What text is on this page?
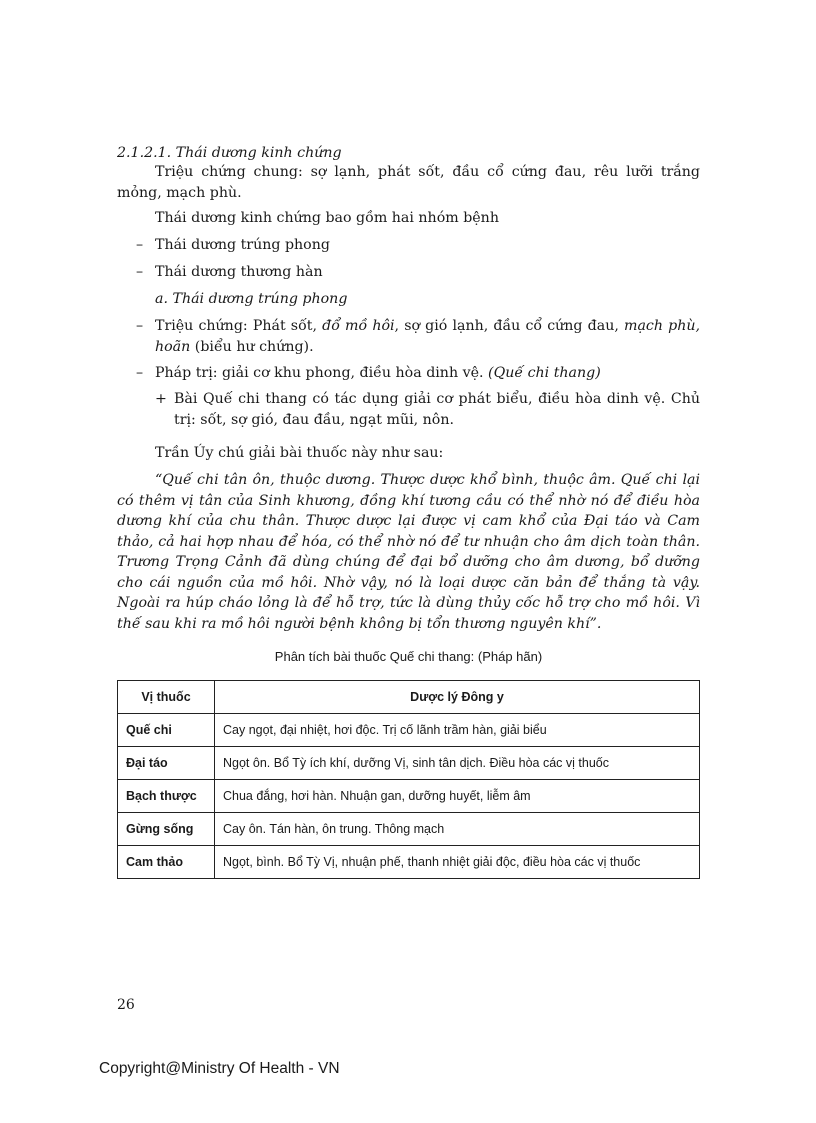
2.1.2.1. Thái dương kinh chứng

Triệu chứng chung: sợ lạnh, phát sốt, đầu cổ cứng đau, rêu lưỡi trắng mỏng, mạch phù.

Thái dương kinh chứng bao gồm hai nhóm bệnh

– Thái dương trúng phong
– Thái dương thương hàn
a. Thái dương trúng phong
– Triệu chứng: Phát sốt, đổ mồ hôi, sợ gió lạnh, đầu cổ cứng đau, mạch phù, hoãn (biểu hư chứng).
– Pháp trị: giải cơ khu phong, điều hòa dinh vệ. (Quế chi thang)
+ Bài Quế chi thang có tác dụng giải cơ phát biểu, điều hòa dinh vệ. Chủ trị: sốt, sợ gió, đau đầu, ngạt mũi, nôn.

Trần Úy chú giải bài thuốc này như sau:

“Quế chi tân ôn, thuộc dương. Thược dược khổ bình, thuộc âm. Quế chi lại có thêm vị tân của Sinh khương, đồng khí tương cầu có thể nhờ nó để điều hòa dương khí của chu thân. Thược dược lại được vị cam khổ của Đại táo và Cam thảo, cả hai hợp nhau để hóa, có thể nhờ nó để tư nhuận cho âm dịch toàn thân. Trương Trọng Cảnh đã dùng chúng để đại bổ dưỡng cho âm dương, bổ dưỡng cho cái nguồn của mồ hôi. Nhờ vậy, nó là loại dược căn bản để thắng tà vậy. Ngoài ra húp cháo lỏng là để hỗ trợ, tức là dùng thủy cốc hỗ trợ cho mồ hôi. Vì thế sau khi ra mồ hôi người bệnh không bị tổn thương nguyên khí”.

Phân tích bài thuốc Quế chi thang: (Pháp hãn)
Vị thuốc	Dược lý Đông y
Quế chi	Cay ngọt, đại nhiệt, hơi độc. Trị cố lãnh trầm hàn, giải biểu
Đại táo	Ngọt ôn. Bổ Tỳ ích khí, dưỡng Vị, sinh tân dịch. Điều hòa các vị thuốc
Bạch thược	Chua đắng, hơi hàn. Nhuận gan, dưỡng huyết, liễm âm
Gừng sống	Cay ôn. Tán hàn, ôn trung. Thông mạch
Cam thảo	Ngọt, bình. Bổ Tỳ Vị, nhuận phế, thanh nhiệt giải độc, điều hòa các vị thuốc
26
Copyright@Ministry Of Health - VN
